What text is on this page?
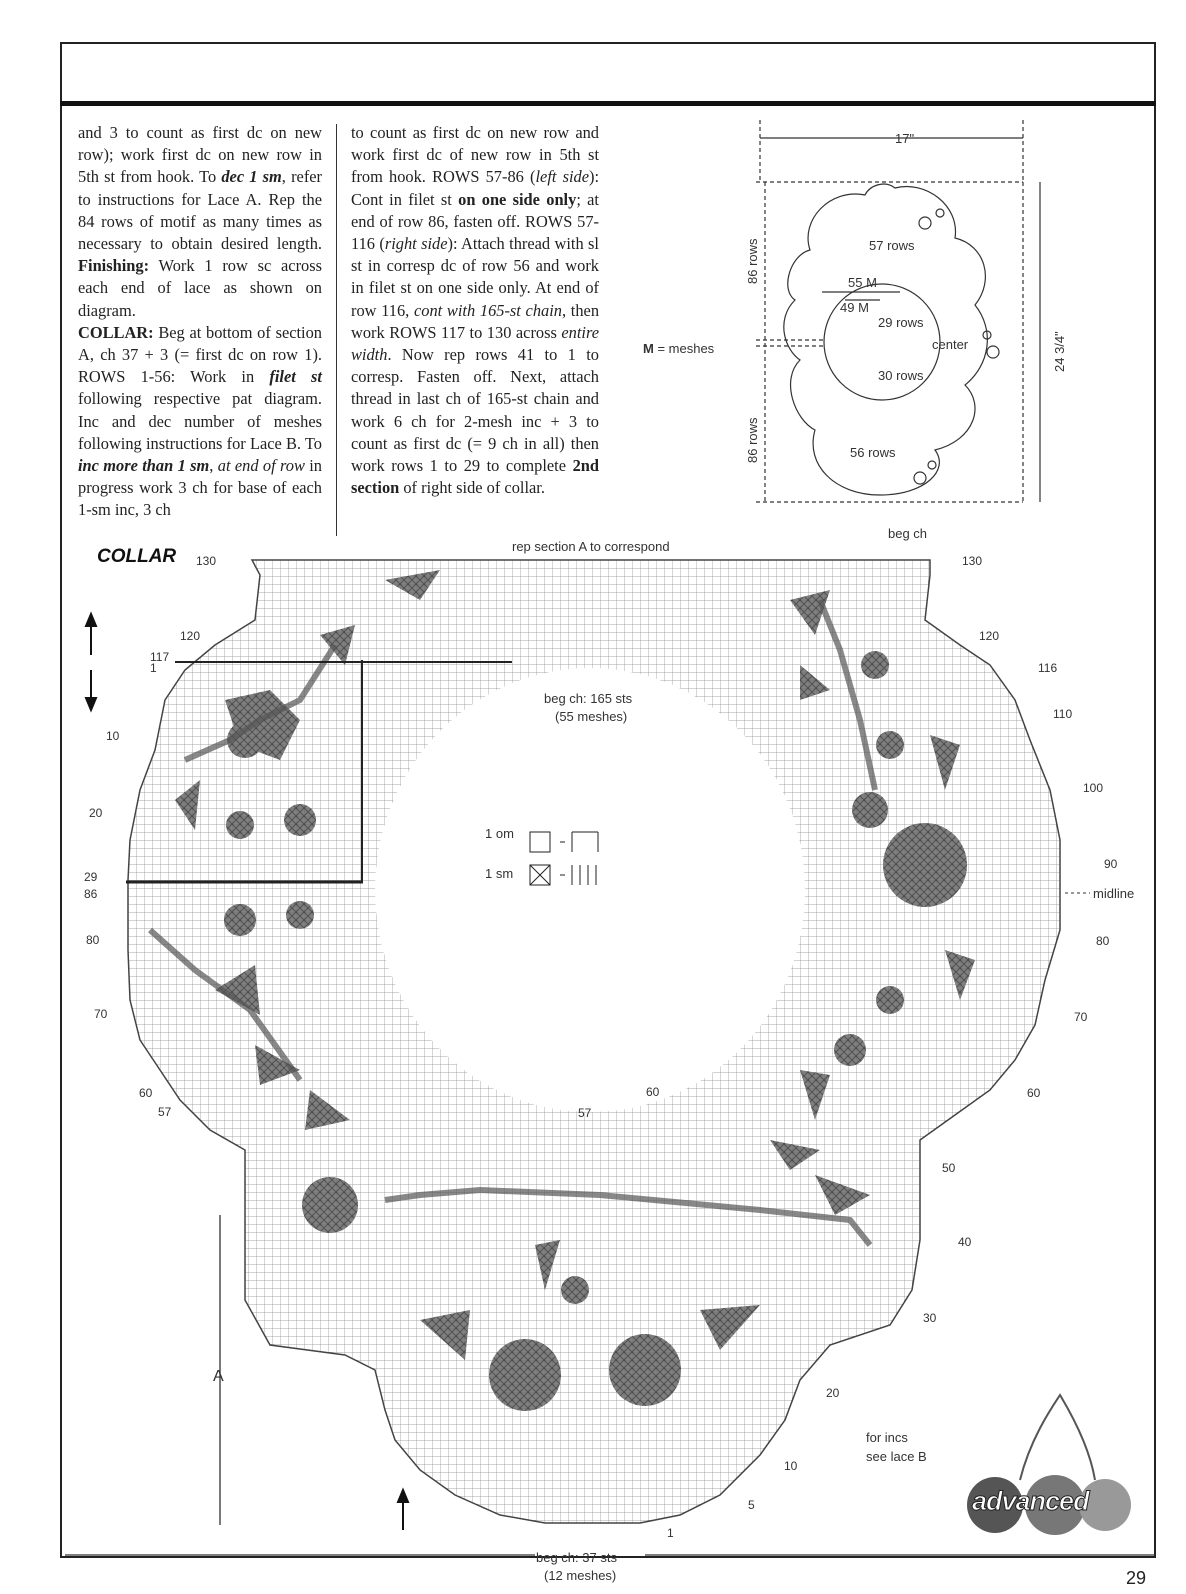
and 3 to count as first dc on new row); work first dc on new row in 5th st from hook. To dec 1 sm, refer to instructions for Lace A. Rep the 84 rows of motif as many times as necessary to obtain desired length. Finishing: Work 1 row sc across each end of lace as shown on diagram.
COLLAR: Beg at bottom of section A, ch 37 + 3 (= first dc on row 1). ROWS 1-56: Work in filet st following respective pat diagram. Inc and dec number of meshes following instructions for Lace B. To inc more than 1 sm, at end of row in progress work 3 ch for base of each 1-sm inc, 3 ch
to count as first dc on new row and work first dc of new row in 5th st from hook. ROWS 57-86 (left side): Cont in filet st on one side only; at end of row 86, fasten off. ROWS 57-116 (right side): Attach thread with sl st in corresp dc of row 56 and work in filet st on one side only. At end of row 116, cont with 165-st chain, then work ROWS 117 to 130 across entire width. Now rep rows 41 to 1 to corresp. Fasten off. Next, attach thread in last ch of 165-st chain and work 6 ch for 2-mesh inc + 3 to count as first dc (= 9 ch in all) then work rows 1 to 29 to complete 2nd section of right side of collar.
17"
86 rows
86 rows
24 3/4"
M = meshes
57 rows
55 M
49 M
29 rows
center
30 rows
56 rows
beg ch
COLLAR	rep section A to correspond
beg ch: 165 sts
(55 meshes)
beg ch: 37 sts
(12 meshes)
1 om
1 sm
midline
A
for incs
see lace B
advanced
130
120
117
1
10
20
29
86
80
70
60
57
130
120
116
110
100
90
80
70
60
50
40
30
20
10
5
1
60
57
29
